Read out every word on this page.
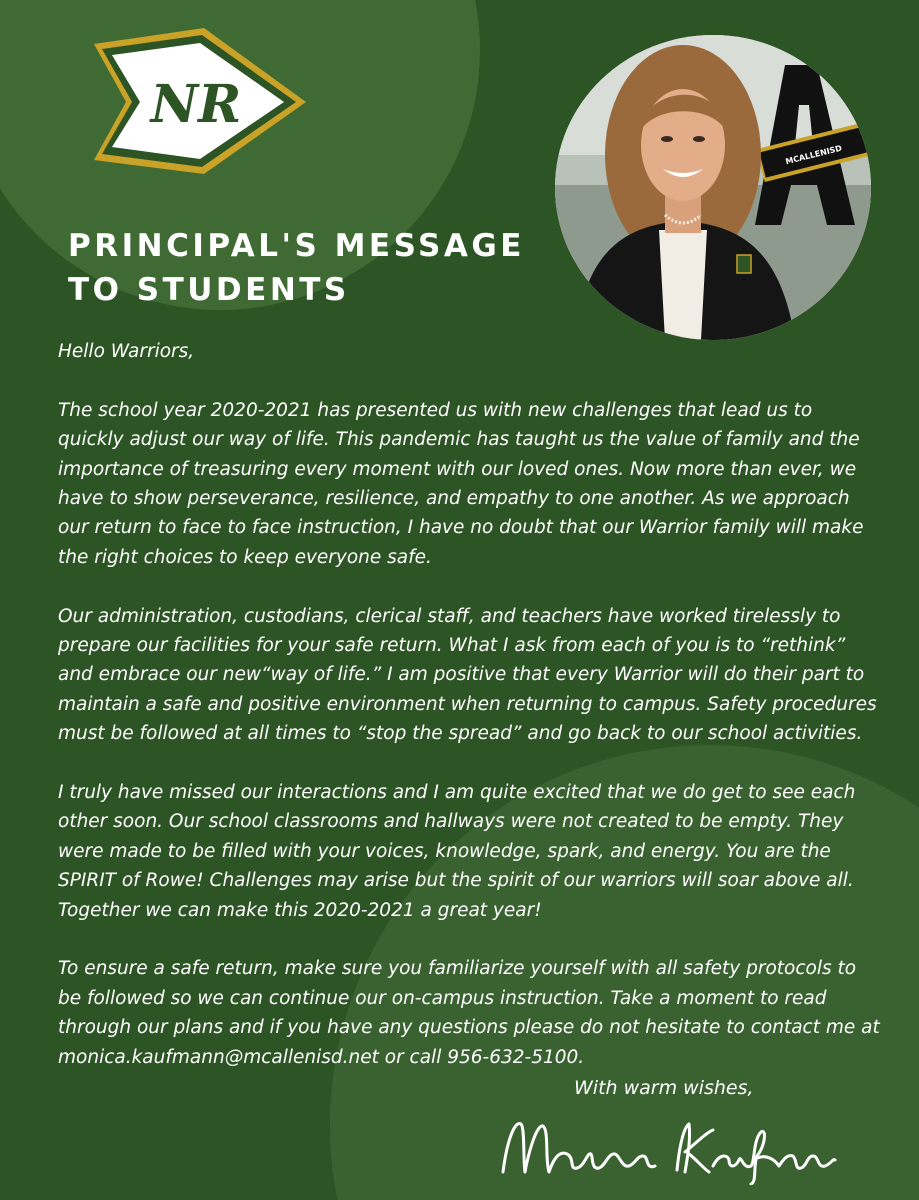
NR
PRINCIPAL'S MESSAGE
TO STUDENTS
MCALLENISD

Hello Warriors,

The school year 2020-2021 has presented us with new challenges that lead us to
quickly adjust our way of life. This pandemic has taught us the value of family and the
importance of treasuring every moment with our loved ones. Now more than ever, we
have to show perseverance, resilience, and empathy to one another. As we approach
our return to face to face instruction, I have no doubt that our Warrior family will make
the right choices to keep everyone safe.

Our administration, custodians, clerical staff, and teachers have worked tirelessly to
prepare our facilities for your safe return. What I ask from each of you is to “rethink”
and embrace our new“way of life.” I am positive that every Warrior will do their part to
maintain a safe and positive environment when returning to campus. Safety procedures
must be followed at all times to “stop the spread” and go back to our school activities.

I truly have missed our interactions and I am quite excited that we do get to see each
other soon. Our school classrooms and hallways were not created to be empty. They
were made to be filled with your voices, knowledge, spark, and energy. You are the
SPIRIT of Rowe! Challenges may arise but the spirit of our warriors will soar above all.
Together we can make this 2020-2021 a great year!

To ensure a safe return, make sure you familiarize yourself with all safety protocols to
be followed so we can continue our on-campus instruction. Take a moment to read
through our plans and if you have any questions please do not hesitate to contact me at
monica.kaufmann@mcallenisd.net or call 956-632-5100.

With warm wishes,
